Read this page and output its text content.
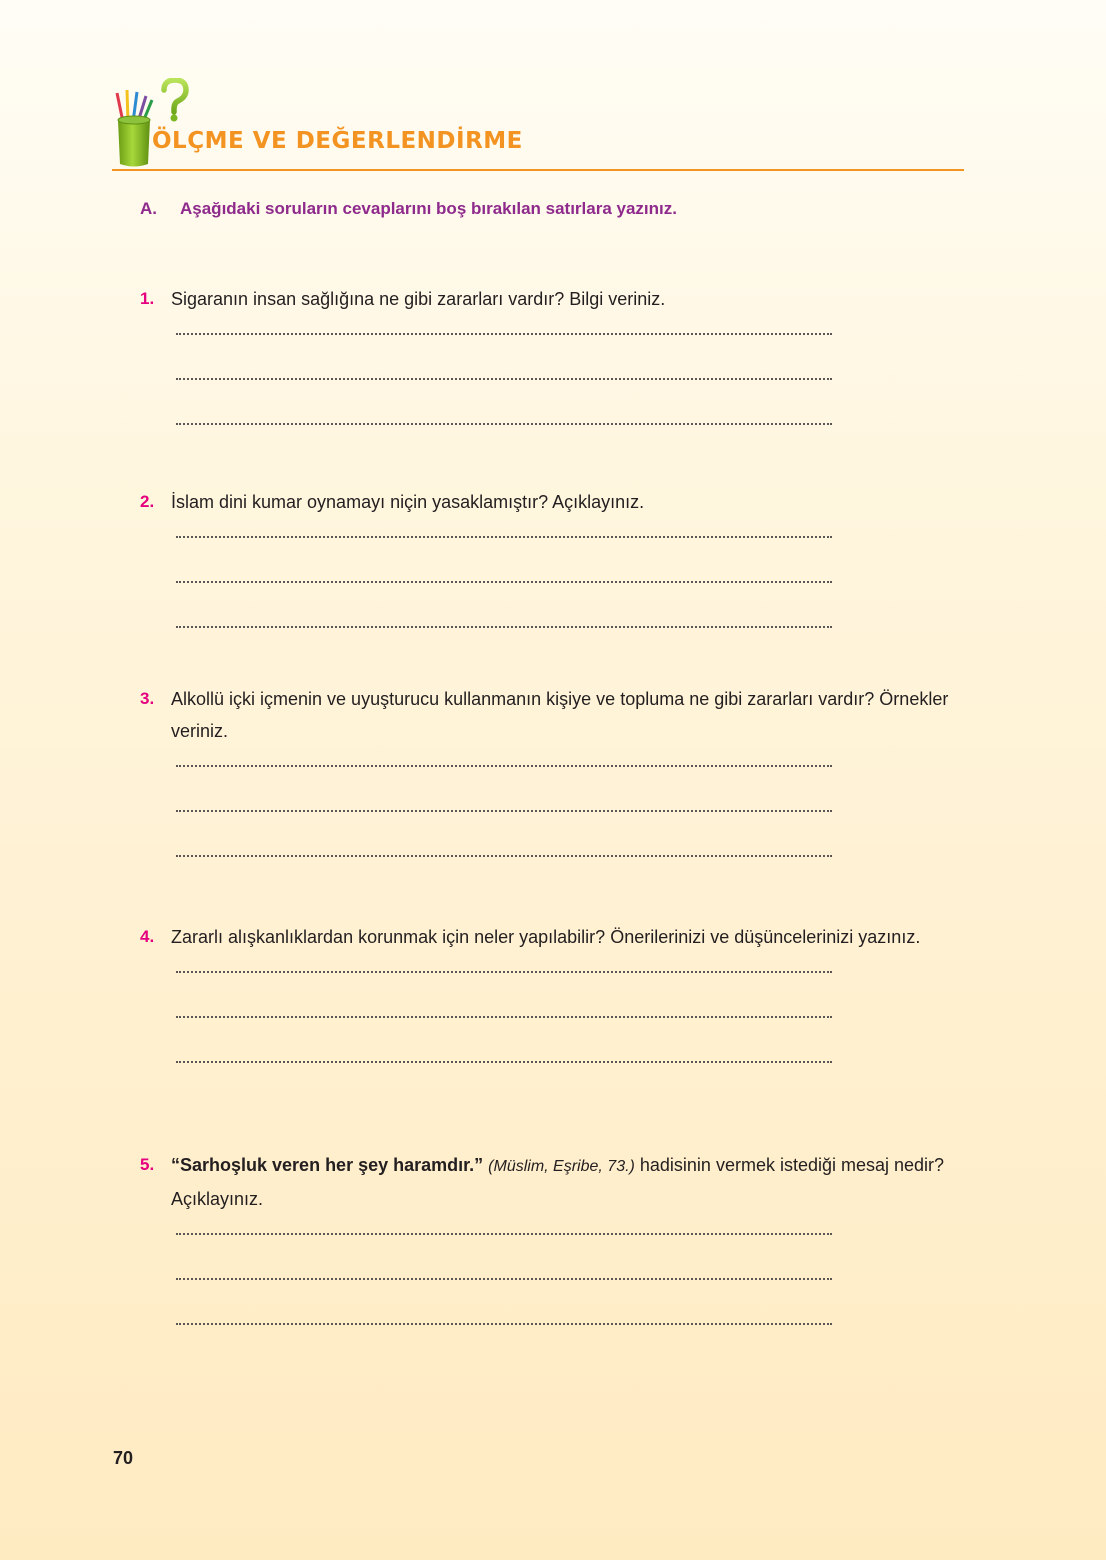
ÖLÇME VE DEĞERLENDİRME
A. Aşağıdaki soruların cevaplarını boş bırakılan satırlara yazınız.
1. Sigaranın insan sağlığına ne gibi zararları vardır? Bilgi veriniz.
2. İslam dini kumar oynamayı niçin yasaklamıştır? Açıklayınız.
3. Alkollü içki içmenin ve uyuşturucu kullanmanın kişiye ve topluma ne gibi zararları vardır? Örnekler veriniz.
4. Zararlı alışkanlıklardan korunmak için neler yapılabilir? Önerilerinizi ve düşüncelerinizi yazınız.
5. “Sarhoşluk veren her şey haramdır.” (Müslim, Eşribe, 73.) hadisinin vermek istediği mesaj nedir? Açıklayınız.
70
